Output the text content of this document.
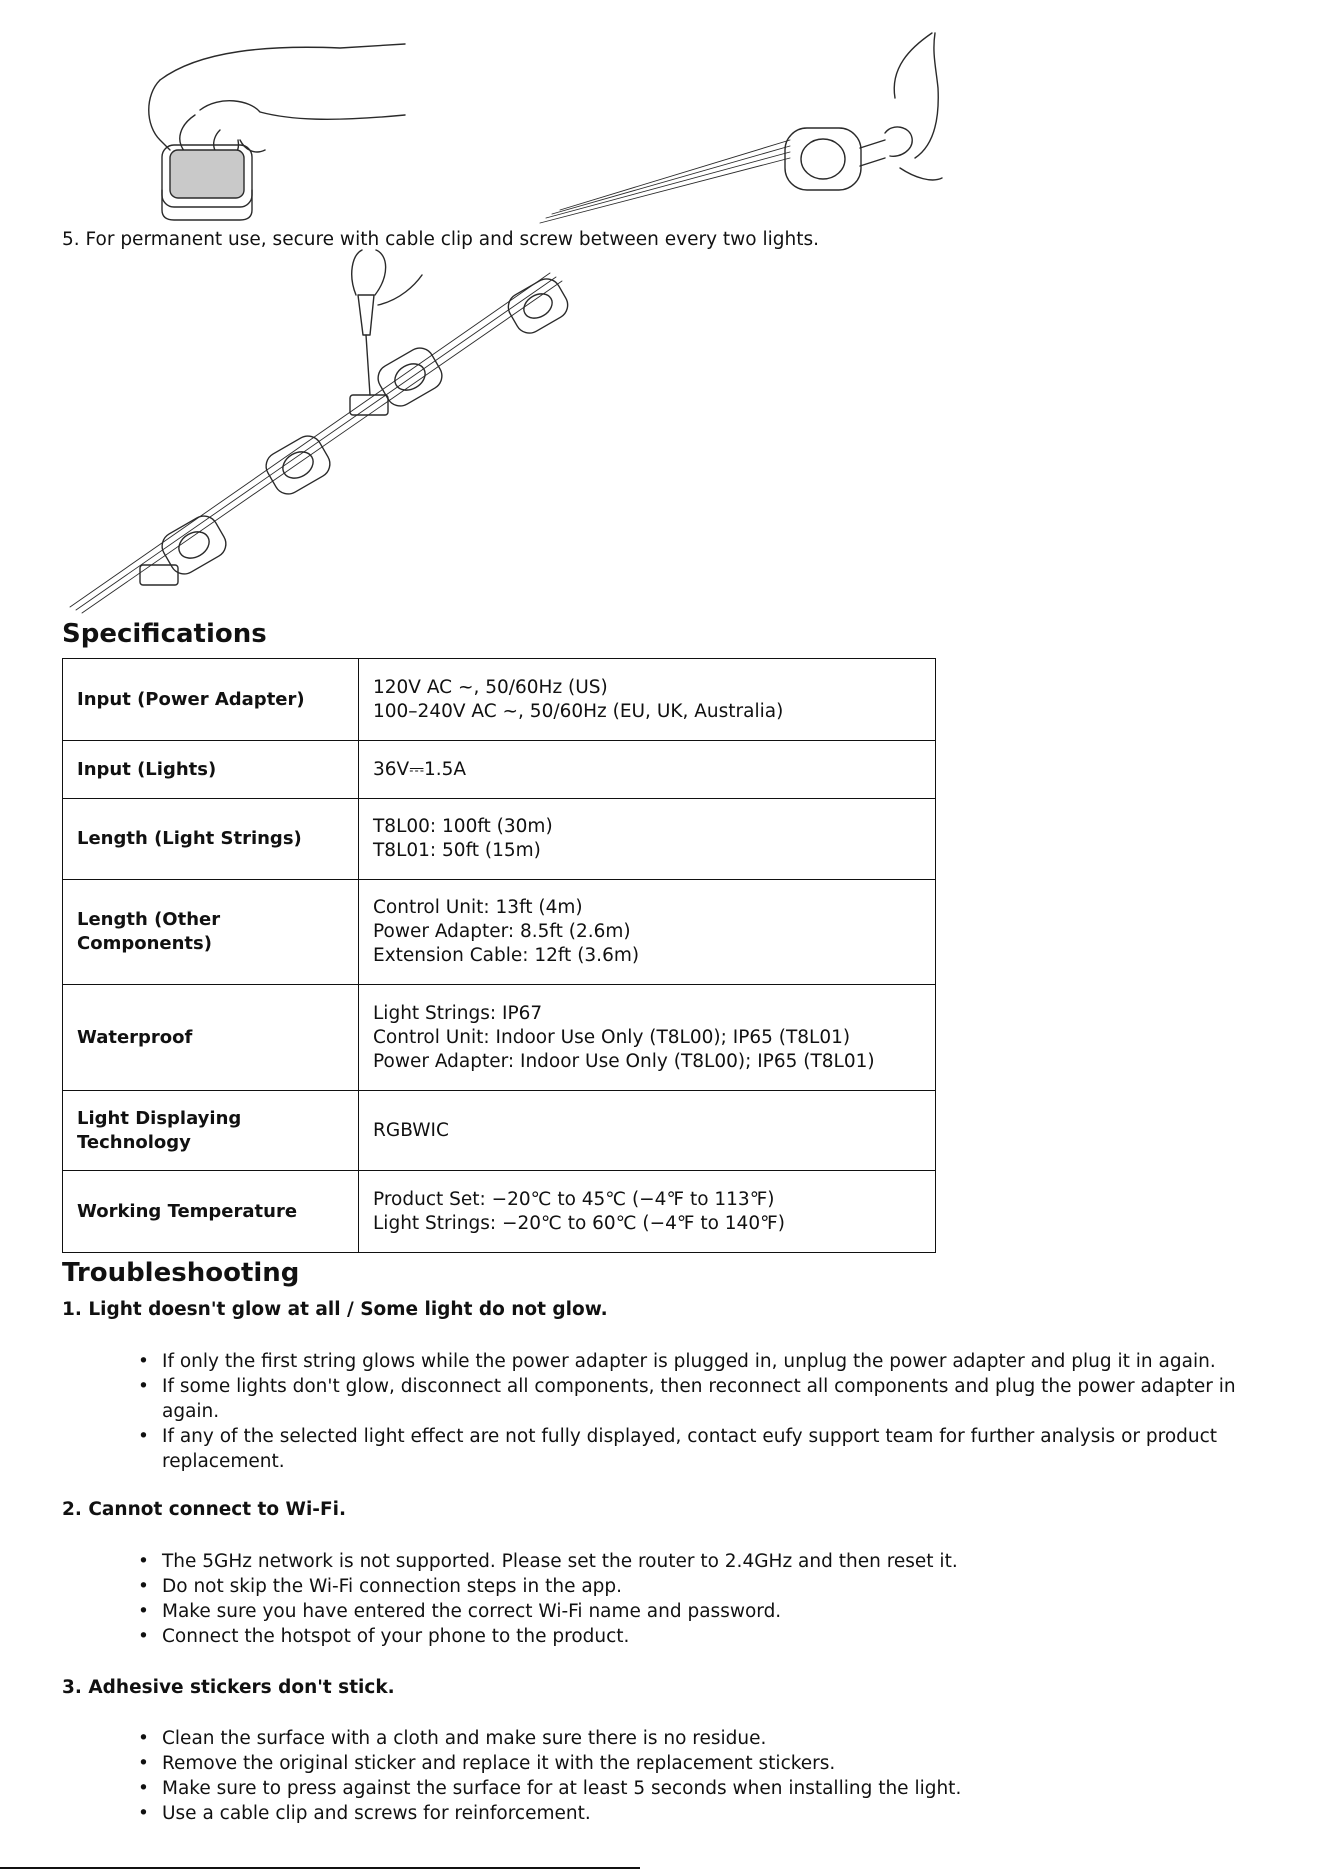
5. For permanent use, secure with cable clip and screw between every two lights.
Specifications
Input (Power Adapter)	120V AC ~, 50/60Hz (US)
100–240V AC ~, 50/60Hz (EU, UK, Australia)

Input (Lights)	36V⎓1.5A

Length (Light Strings)	T8L00: 100ft (30m)
T8L01: 50ft (15m)

Length (Other Components)	Control Unit: 13ft (4m)
Power Adapter: 8.5ft (2.6m)
Extension Cable: 12ft (3.6m)

Waterproof	Light Strings: IP67
Control Unit: Indoor Use Only (T8L00); IP65 (T8L01)
Power Adapter: Indoor Use Only (T8L00); IP65 (T8L01)

Light Displaying Technology	RGBWIC

Working Temperature	Product Set: −20℃ to 45℃ (−4℉ to 113℉)
Light Strings: −20℃ to 60℃ (−4℉ to 140℉)
Troubleshooting
1. Light doesn't glow at all / Some light do not glow.
• If only the first string glows while the power adapter is plugged in, unplug the power adapter and plug it in again.
• If some lights don't glow, disconnect all components, then reconnect all components and plug the power adapter in again.
• If any of the selected light effect are not fully displayed, contact eufy support team for further analysis or product replacement.
2. Cannot connect to Wi-Fi.
• The 5GHz network is not supported. Please set the router to 2.4GHz and then reset it.
• Do not skip the Wi-Fi connection steps in the app.
• Make sure you have entered the correct Wi-Fi name and password.
• Connect the hotspot of your phone to the product.
3. Adhesive stickers don't stick.
• Clean the surface with a cloth and make sure there is no residue.
• Remove the original sticker and replace it with the replacement stickers.
• Make sure to press against the surface for at least 5 seconds when installing the light.
• Use a cable clip and screws for reinforcement.
